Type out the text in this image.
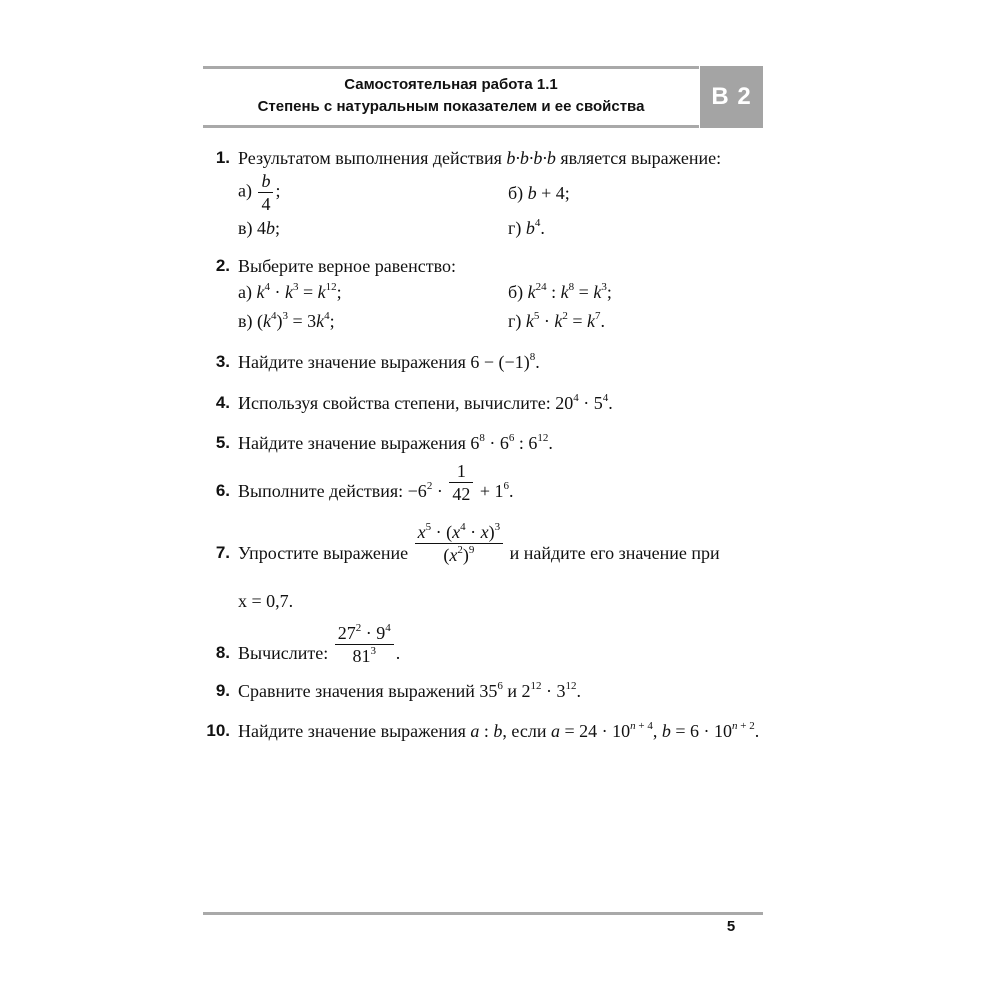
Самостоятельная работа 1.1
Степень с натуральным показателем и ее свойства	В 2
1. Результатом выполнения действия b·b·b·b является выражение:
$а) \frac{b}{4}$ ;	б) b + 4;
в) 4b;	г) $b^4$.
2. Выберите верное равенство:
а) $k^4 \cdot k^3 = k^{12}$;	б) $k^{24}$ : $k^8 = k^3$;
в) $(k^4)^3 = 3k^4$;	г) $k^5 \cdot k^2 = k^7$.
3. Найдите значение выражения $6 - (-1)^8$.
4. Используя свойства степени, вычислите: $20^4 \cdot 5^4$.
5. Найдите значение выражения $6^8 \cdot 6^6$ : $6^{12}$.
6. Выполните действия: $-6^2 \cdot \frac{1}{42} + 1^6$.
7. Упростите выражение $\frac{x^5 \cdot (x^4 \cdot x)^3}{(x^2)^9}$ и найдите его значение при
x = 0,7.
8. Вычислите: $\frac{27^2 \cdot 9^4}{81^3}$ .
9. Сравните значения выражений $35^6$ и $2^{12} \cdot 3^{12}$.
10. Найдите значение выражения a : b, если $a = 24 \cdot 10^{n + 4}$, $b = 6 \cdot 10^{n + 2}$.
5
